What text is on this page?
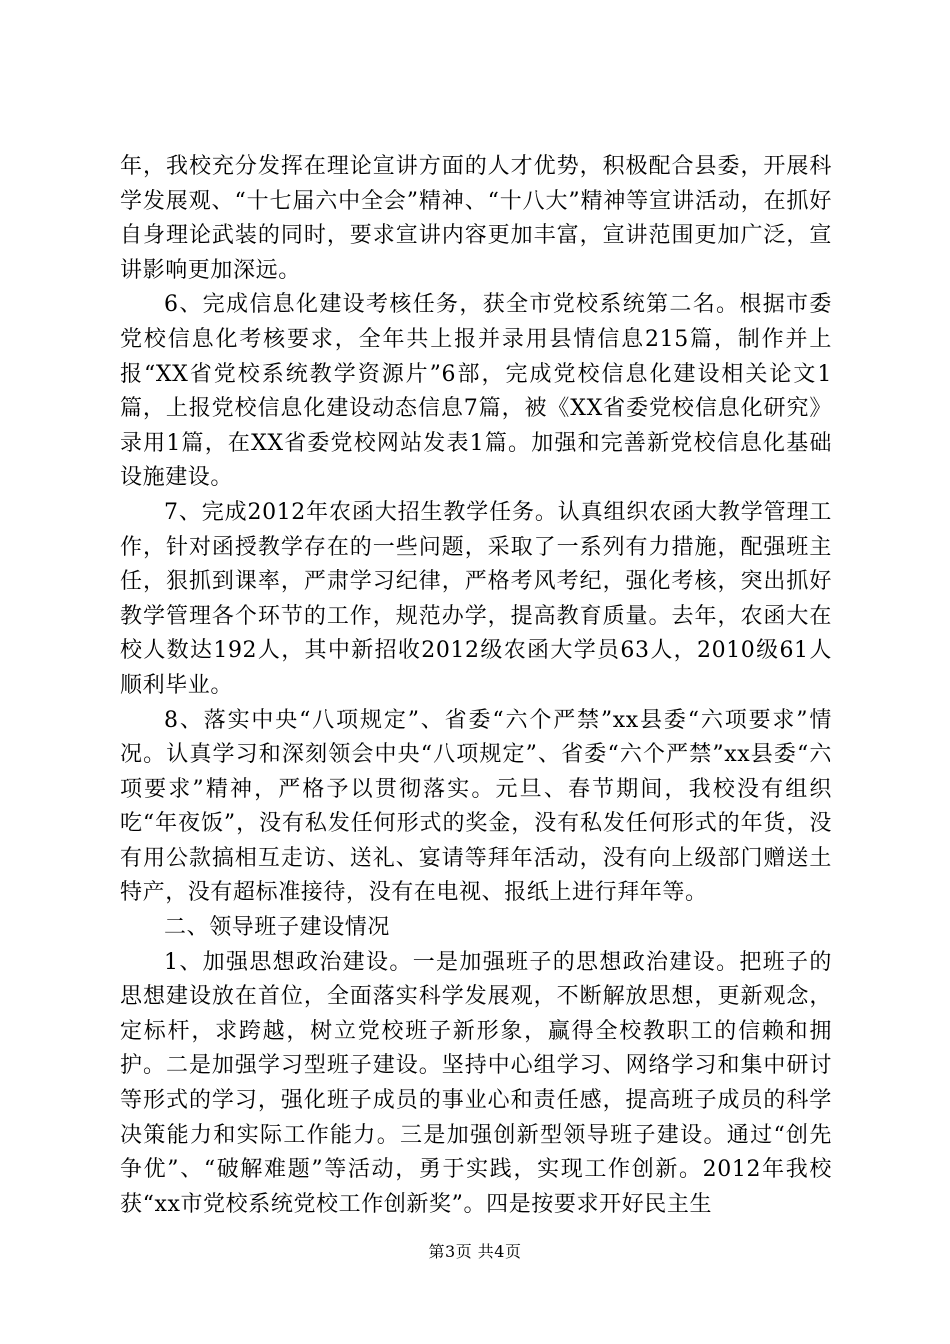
年，我校充分发挥在理论宣讲方面的人才优势，积极配合县委，开展科学发展观、“十七届六中全会”精神、“十八大”精神等宣讲活动，在抓好自身理论武装的同时，要求宣讲内容更加丰富，宣讲范围更加广泛，宣讲影响更加深远。

6、完成信息化建设考核任务，获全市党校系统第二名。根据市委党校信息化考核要求，全年共上报并录用县情信息215篇，制作并上报“XX省党校系统教学资源片”6部，完成党校信息化建设相关论文1篇，上报党校信息化建设动态信息7篇，被《XX省委党校信息化研究》录用1篇，在XX省委党校网站发表1篇。加强和完善新党校信息化基础设施建设。

7、完成2012年农函大招生教学任务。认真组织农函大教学管理工作，针对函授教学存在的一些问题，采取了一系列有力措施，配强班主任，狠抓到课率，严肃学习纪律，严格考风考纪，强化考核，突出抓好教学管理各个环节的工作，规范办学，提高教育质量。去年，农函大在校人数达192人，其中新招收2012级农函大学员63人，2010级61人顺利毕业。

8、落实中央“八项规定”、省委“六个严禁”xx县委“六项要求”情况。认真学习和深刻领会中央“八项规定”、省委“六个严禁”xx县委“六项要求”精神，严格予以贯彻落实。元旦、春节期间，我校没有组织吃“年夜饭”，没有私发任何形式的奖金，没有私发任何形式的年货，没有用公款搞相互走访、送礼、宴请等拜年活动，没有向上级部门赠送土特产，没有超标准接待，没有在电视、报纸上进行拜年等。

二、领导班子建设情况

1、加强思想政治建设。一是加强班子的思想政治建设。把班子的思想建设放在首位，全面落实科学发展观，不断解放思想，更新观念，定标杆，求跨越，树立党校班子新形象，赢得全校教职工的信赖和拥护。二是加强学习型班子建设。坚持中心组学习、网络学习和集中研讨等形式的学习，强化班子成员的事业心和责任感，提高班子成员的科学决策能力和实际工作能力。三是加强创新型领导班子建设。通过“创先争优”、“破解难题”等活动，勇于实践，实现工作创新。2012年我校获“xx市党校系统党校工作创新奖”。四是按要求开好民主生

第3页 共4页
